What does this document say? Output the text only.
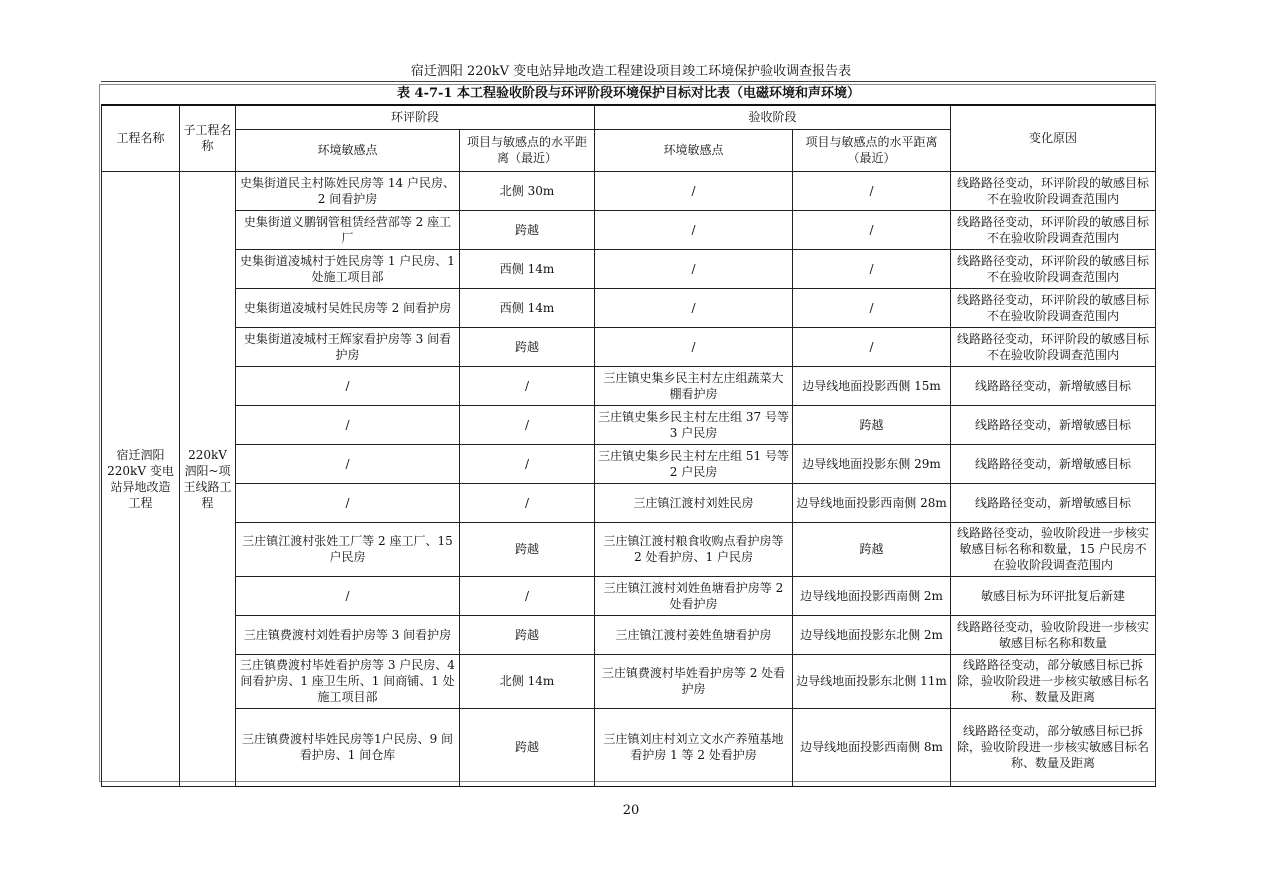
宿迁泗阳 220kV 变电站异地改造工程建设项目竣工环境保护验收调查报告表
表 4-7-1 本工程验收阶段与环评阶段环境保护目标对比表（电磁环境和声环境）
工程名称	子工程名称	环评阶段		验收阶段		变化原因
		环境敏感点	项目与敏感点的水平距离（最近）	环境敏感点	项目与敏感点的水平距离（最近）	
宿迁泗阳220kV 变电站异地改造工程	220kV 泗阳~项王线路工程	史集街道民主村陈姓民房等 14 户民房、2 间看护房	北侧 30m	/	/	线路路径变动，环评阶段的敏感目标不在验收阶段调查范围内
		史集街道义鹏钢管租赁经营部等 2 座工厂	跨越	/	/	线路路径变动，环评阶段的敏感目标不在验收阶段调查范围内
		史集街道凌城村于姓民房等 1 户民房、1 处施工项目部	西侧 14m	/	/	线路路径变动，环评阶段的敏感目标不在验收阶段调查范围内
		史集街道凌城村吴姓民房等 2 间看护房	西侧 14m	/	/	线路路径变动，环评阶段的敏感目标不在验收阶段调查范围内
		史集街道凌城村王辉家看护房等 3 间看护房	跨越	/	/	线路路径变动，环评阶段的敏感目标不在验收阶段调查范围内
		/	/	三庄镇史集乡民主村左庄组蔬菜大棚看护房	边导线地面投影西侧 15m	线路路径变动，新增敏感目标
		/	/	三庄镇史集乡民主村左庄组 37 号等 3 户民房	跨越	线路路径变动，新增敏感目标
		/	/	三庄镇史集乡民主村左庄组 51 号等 2 户民房	边导线地面投影东侧 29m	线路路径变动，新增敏感目标
		/	/	三庄镇江渡村刘姓民房	边导线地面投影西南侧 28m	线路路径变动，新增敏感目标
		三庄镇江渡村张姓工厂等 2 座工厂、15 户民房	跨越	三庄镇江渡村粮食收购点看护房等 2 处看护房、1 户民房	跨越	线路路径变动，验收阶段进一步核实敏感目标名称和数量，15 户民房不在验收阶段调查范围内
		/	/	三庄镇江渡村刘姓鱼塘看护房等 2 处看护房	边导线地面投影西南侧 2m	敏感目标为环评批复后新建
		三庄镇费渡村刘姓看护房等 3 间看护房	跨越	三庄镇江渡村姜姓鱼塘看护房	边导线地面投影东北侧 2m	线路路径变动，验收阶段进一步核实敏感目标名称和数量
		三庄镇费渡村毕姓看护房等 3 户民房、4 间看护房、1 座卫生所、1 间商铺、1 处施工项目部	北侧 14m	三庄镇费渡村毕姓看护房等 2 处看护房	边导线地面投影东北侧 11m	线路路径变动，部分敏感目标已拆除，验收阶段进一步核实敏感目标名称、数量及距离
		三庄镇费渡村毕姓民房等1户民房、9 间看护房、1 间仓库	跨越	三庄镇刘庄村刘立文水产养殖基地看护房 1 等 2 处看护房	边导线地面投影西南侧 8m	线路路径变动，部分敏感目标已拆除，验收阶段进一步核实敏感目标名称、数量及距离
20
